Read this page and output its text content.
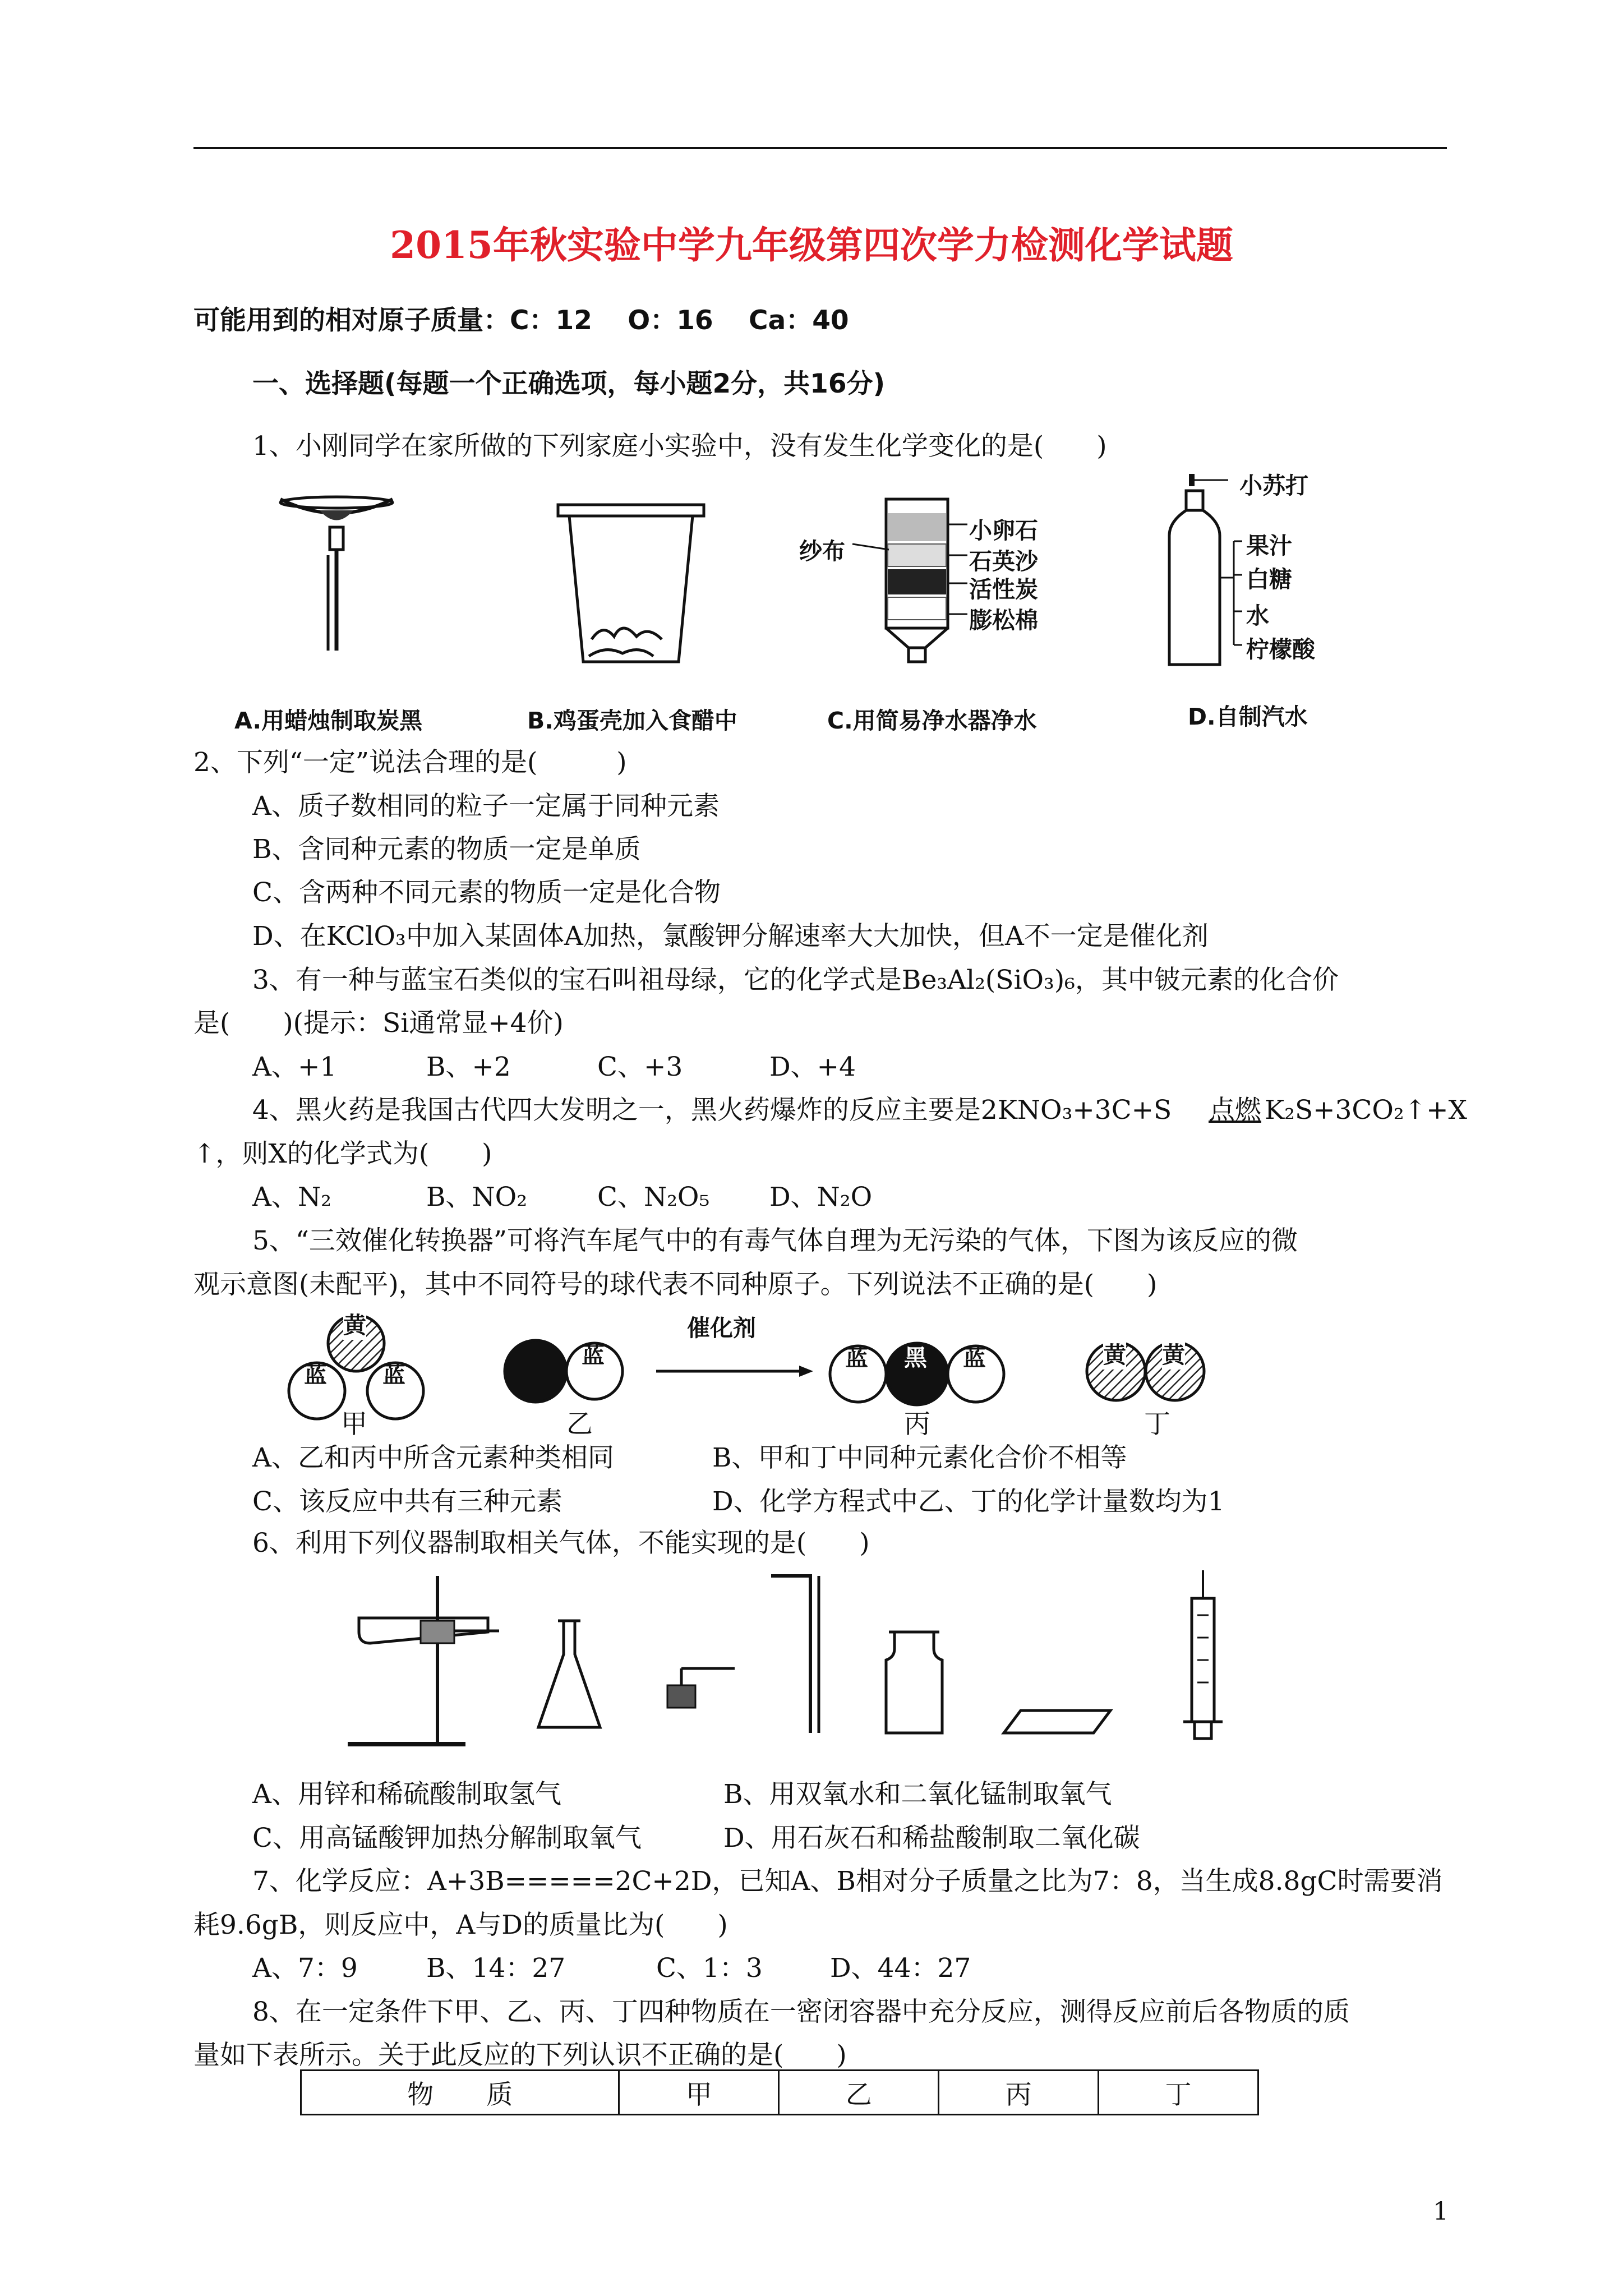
2015年秋实验中学九年级第四次学力检测化学试题
可能用到的相对原子质量：C：12　 O：16　 Ca：40
一、选择题(每题一个正确选项，每小题2分，共16分)
1、小刚同学在家所做的下列家庭小实验中，没有发生化学变化的是(　　)
纱布
小卵石
石英沙
活性炭
膨松棉
小苏打
果汁
白糖
水
柠檬酸
A.用蜡烛制取炭黑	B.鸡蛋壳加入食醋中	C.用简易净水器净水	D.自制汽水
2、下列“一定”说法合理的是(　　　)
A、质子数相同的粒子一定属于同种元素
B、含同种元素的物质一定是单质
C、含两种不同元素的物质一定是化合物
D、在KClO₃中加入某固体A加热，氯酸钾分解速率大大加快，但A不一定是催化剂
3、有一种与蓝宝石类似的宝石叫祖母绿，它的化学式是Be₃Al₂(SiO₃)₆，其中铍元素的化合价
是(　　)(提示：Si通常显+4价)
A、+1	B、+2	C、+3	D、+4
4、黑火药是我国古代四大发明之一，黑火药爆炸的反应主要是2KNO₃+3C+S 点燃 K₂S+3CO₂↑+X
↑，则X的化学式为(　　)
A、N₂	B、NO₂	C、N₂O₅ D、N₂O
5、“三效催化转换器”可将汽车尾气中的有毒气体自理为无污染的气体，下图为该反应的微
观示意图(未配平)，其中不同符号的球代表不同种原子。下列说法不正确的是(　　)
黄
蓝 蓝
蓝
催化剂
蓝 黑 蓝	黄 黄
甲	乙	丙	丁
A、乙和丙中所含元素种类相同	B、甲和丁中同种元素化合价不相等
C、该反应中共有三种元素	D、化学方程式中乙、丁的化学计量数均为1
6、利用下列仪器制取相关气体，不能实现的是(　　)
A、用锌和稀硫酸制取氢气	B、用双氧水和二氧化锰制取氧气
C、用高锰酸钾加热分解制取氧气	D、用石灰石和稀盐酸制取二氧化碳
7、化学反应：A+3B=====2C+2D，已知A、B相对分子质量之比为7：8，当生成8.8gC时需要消
耗9.6gB，则反应中，A与D的质量比为(　　)
A、7：9	B、14：27	C、1：3	D、44：27
8、在一定条件下甲、乙、丙、丁四种物质在一密闭容器中充分反应，测得反应前后各物质的质
量如下表所示。关于此反应的下列认识不正确的是(　　)
物　　质	甲	乙	丙	丁
1
